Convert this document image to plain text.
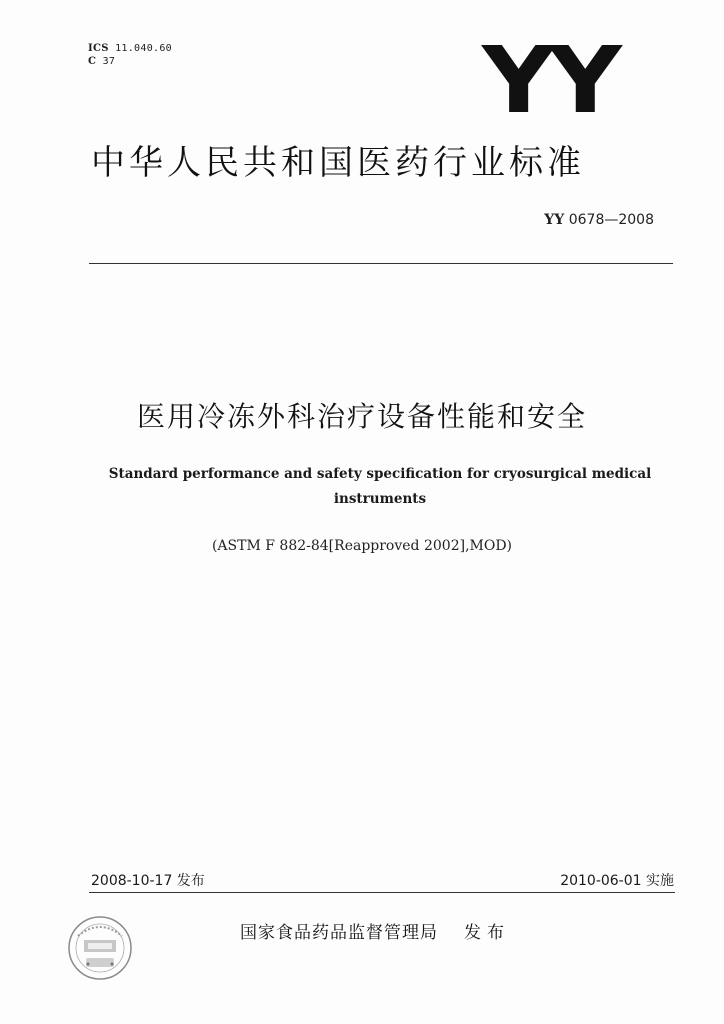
ICS 11.040.60
C 37	YY
中华人民共和国医药行业标准
YY 0678—2008
医用冷冻外科治疗设备性能和安全
Standard performance and safety specification for cryosurgical medical
instruments
(ASTM F 882-84[Reapproved 2002],MOD)
2008-10-17 发布	2010-06-01 实施
国家食品药品监督管理局 发布
